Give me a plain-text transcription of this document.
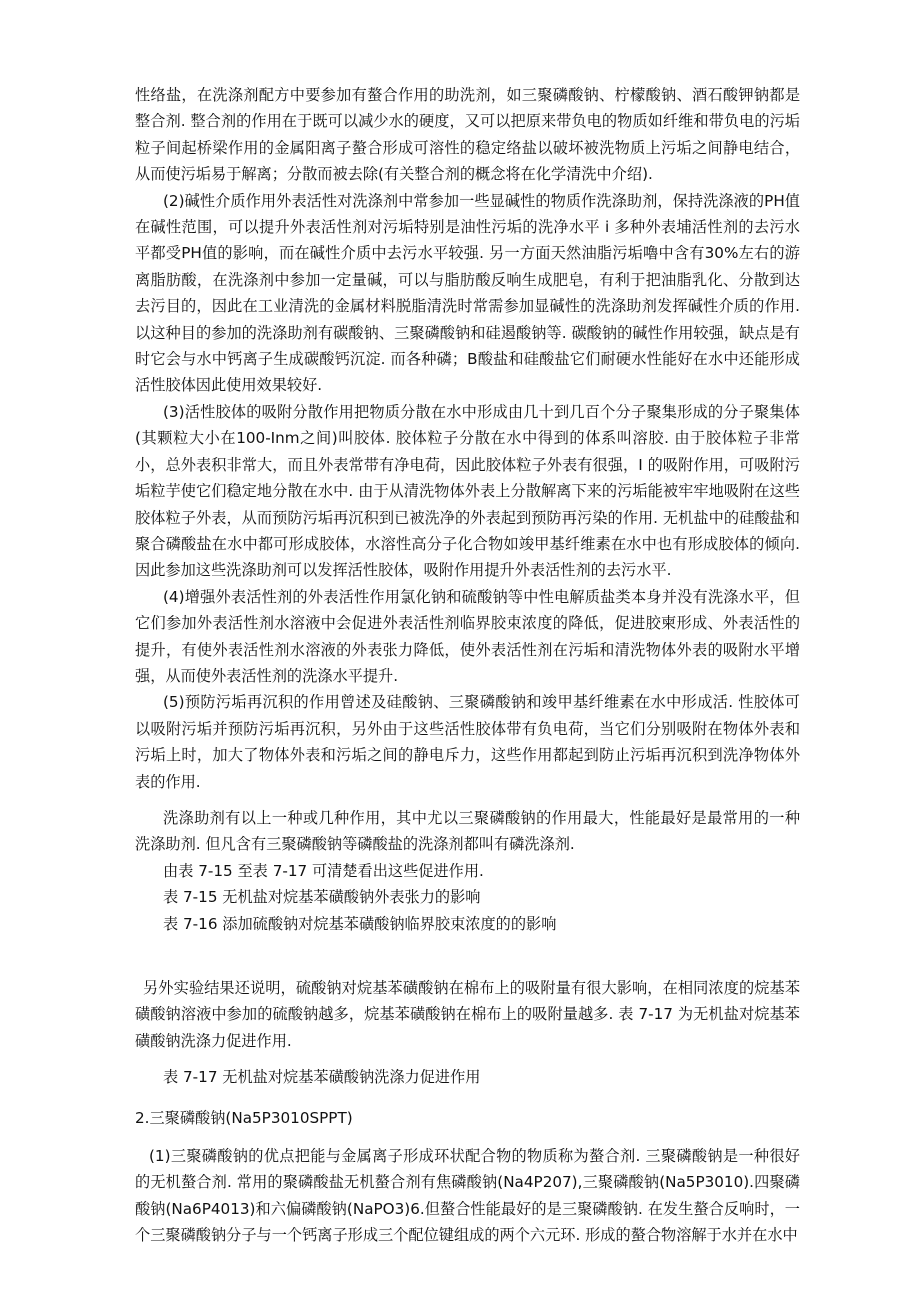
性络盐，在洗涤剂配方中要参加有螯合作用的助洗剂，如三聚磷酸钠、柠檬酸钠、酒石酸钾钠都是整合剂. 整合剂的作用在于既可以减少水的硬度，又可以把原来带负电的物质如纤维和带负电的污垢粒子间起桥梁作用的金属阳离子螯合形成可溶性的稳定络盐以破坏被洗物质上污垢之间静电结合，从而使污垢易于解离；分散而被去除(有关整合剂的概念将在化学清洗中介绍).

(2)碱性介质作用外表活性对洗涤剂中常参加一些显碱性的物质作洗涤助剂，保持洗涤液的PH值在碱性范围，可以提升外表活性剂对污垢特别是油性污垢的洗净水平 i 多种外表埔活性剂的去污水平都受PH值的影响，而在碱性介质中去污水平较强. 另一方面天然油脂污垢嚕中含有30%左右的游离脂肪酸，在洗涤剂中参加一定量碱，可以与脂肪酸反响生成肥皂，有利于把油脂乳化、分散到达去污目的，因此在工业清洗的金属材料脱脂清洗时常需参加显碱性的洗涤助剂发挥碱性介质的作用. 以这种目的参加的洗涤助剂有碳酸钠、三聚磷酸钠和硅遏酸钠等. 碳酸钠的碱性作用较强，缺点是有时它会与水中钙离子生成碳酸钙沉淀. 而各种磷；B酸盐和硅酸盐它们耐硬水性能好在水中还能形成活性胶体因此使用效果较好.

(3)活性胶体的吸附分散作用把物质分散在水中形成由几十到几百个分子聚集形成的分子聚集体(其颗粒大小在100-Inm之间)叫胶体. 胶体粒子分散在水中得到的体系叫溶胶. 由于胶体粒子非常小，总外表积非常大，而且外表常带有净电荷，因此胶体粒子外表有很强，I 的吸附作用，可吸附污垢粒芋使它们稳定地分散在水中. 由于从清洗物体外表上分散解离下来的污垢能被牢牢地吸附在这些胶体粒子外表，从而预防污垢再沉积到已被洗净的外表起到预防再污染的作用. 无机盐中的硅酸盐和聚合磷酸盐在水中都可形成胶体，水溶性高分子化合物如竣甲基纤维素在水中也有形成胶体的倾向. 因此参加这些洗涤助剂可以发挥活性胶体，吸附作用提升外表活性剂的去污水平.

(4)增强外表活性剂的外表活性作用氯化钠和硫酸钠等中性电解质盐类本身并没有洗涤水平，但它们参加外表活性剂水溶液中会促进外表活性剂临界胶束浓度的降低，促进胶柬形成、外表活性的提升，有使外表活性剂水溶液的外表张力降低，使外表活性剂在污垢和清洗物体外表的吸附水平增强，从而使外表活性剂的洗涤水平提升.

(5)预防污垢再沉积的作用曾述及硅酸钠、三聚磷酸钠和竣甲基纤维素在水中形成活. 性胶体可以吸附污垢并预防污垢再沉积，另外由于这些活性胶体带有负电荷，当它们分别吸附在物体外表和污垢上时，加大了物体外表和污垢之间的静电斥力，这些作用都起到防止污垢再沉积到洗净物体外表的作用.

洗涤助剂有以上一种或几种作用，其中尤以三聚磷酸钠的作用最大，性能最好是最常用的一种洗涤助剂. 但凡含有三聚磷酸钠等磷酸盐的洗涤剂都叫有磷洗涤剂.

由表 7-15 至表 7-17 可清楚看出这些促进作用.

表 7-15 无机盐对烷基苯磺酸钠外表张力的影响

表 7-16 添加硫酸钠对烷基苯磺酸钠临界胶束浓度的的影响

另外实验结果还说明，硫酸钠对烷基苯磺酸钠在棉布上的吸附量有很大影响，在相同浓度的烷基苯磺酸钠溶液中参加的硫酸钠越多，烷基苯磺酸钠在棉布上的吸附量越多. 表 7-17 为无机盐对烷基苯磺酸钠洗涤力促进作用.

表 7-17 无机盐对烷基苯磺酸钠洗涤力促进作用

2.三聚磷酸钠(Na5P3010SPPT)

(1)三聚磷酸钠的优点把能与金属离子形成环状配合物的物质称为螯合剂. 三聚磷酸钠是一种很好的无机螯合剂. 常用的聚磷酸盐无机螯合剂有焦磷酸钠(Na4P207),三聚磷酸钠(Na5P3010).四聚磷酸钠(Na6P4013)和六偏磷酸钠(NaPO3)6.但螯合性能最好的是三聚磷酸钠. 在发生螯合反响时，一个三聚磷酸钠分子与一个钙离子形成三个配位键组成的两个六元环. 形成的螯合物溶解于水并在水中
